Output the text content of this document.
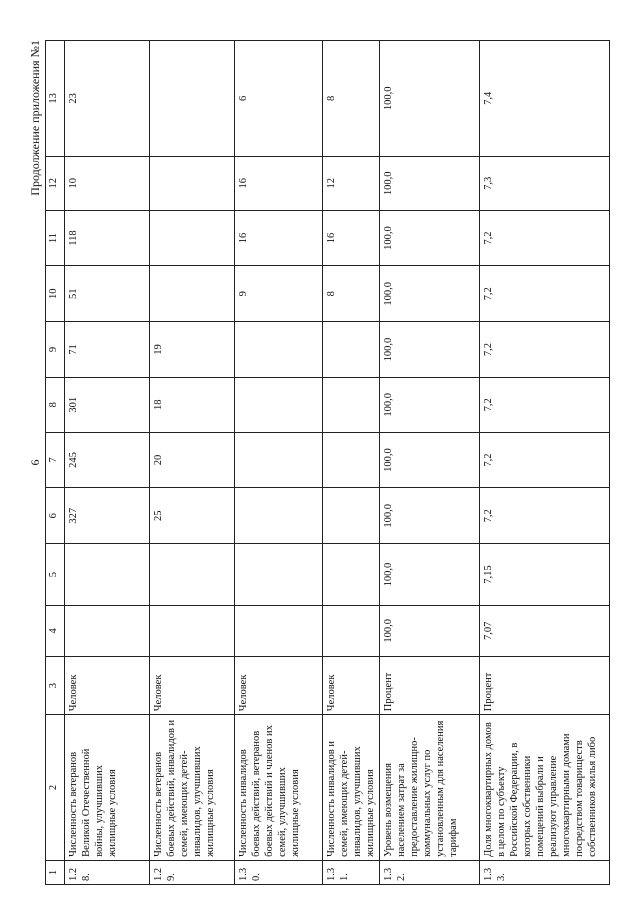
6
Продолжение приложения №1
1	2	3	4	5	6	7	8	9	10	11	12	13
1.28.	Численность ветеранов Великой Отечественной войны, улучшивших жилищные условия	Человек			327	245	301	71	51	118	10	23
1.29.	Численность ветеранов боевых действий, инвалидов и семей, имеющих детей-инвалидов, улучшивших жилищные условия	Человек			25	20	18	19				
1.30.	Численность инвалидов боевых действий, ветеранов боевых действий и членов их семей, улучшивших жилищные условия	Человек							9	16	16	6
1.31.	Численность инвалидов и семей, имеющих детей-инвалидов, улучшивших жилищные условия	Человек							8	16	12	8
1.32.	Уровень возмещения населением затрат за предоставление жилищно-коммунальных услуг по установленным для населения тарифам	Процент	100,0	100,0	100,0	100,0	100,0	100,0	100,0	100,0	100,0	100,0
1.33.	Доля многоквартирных домов в целом по субъекту Российской Федерации, в которых собственники помещений выбрали и реализуют управление многоквартирными домами посредством товариществ собственников жилья либо	Процент	7,07	7,15	7,2	7,2	7,2	7,2	7,2	7,2	7,3	7,4
